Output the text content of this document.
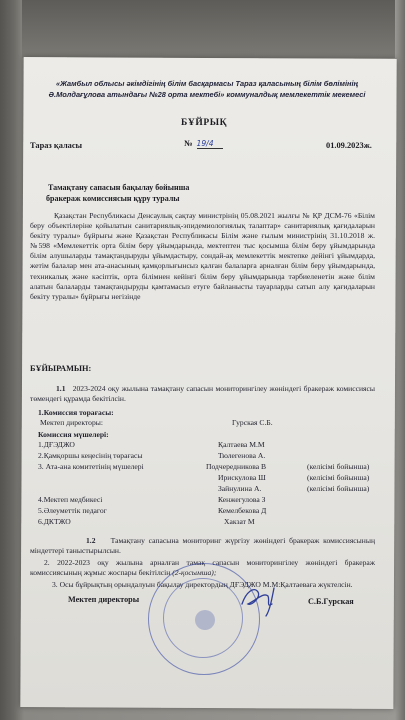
«Жамбыл облысы әкімдігінің білім басқармасы Тараз қаласының білім бөлімінің
Ә.Молдағұлова атындағы №28 орта мектебі» коммуналдық мемлекеттік мекемесі
БҰЙРЫҚ
Тараз қаласы	№ 19/4	01.09.2023ж.
Тамақтану сапасын бақылау бойынша
бракераж комиссиясын құру туралы
Қазақстан Республикасы Денсаулық сақтау министрінің 05.08.2021 жылғы № ҚР ДСМ-76 «Білім беру объектілеріне қойылатын санитариялық-эпидемиологиялық талаптар» санитариялық қағидаларын бекіту туралы» бұйрығы және Қазақстан Республикасы Білім және ғылым министрінің 31.10.2018 ж. №598 «Мемлекеттік орта білім беру ұйымдарында, мектептен тыс қосымша білім беру ұйымдарында білім алушыларды тамақтандыруды ұйымдастыру, сондай-ақ мемлекеттік мектепке дейінгі ұйымдарда, жетім балалар мен ата-анасының қамқорлығынсыз қалған балаларға арналған білім беру ұйымдарында, техникалық және кәсіптік, орта білімнен кейінгі білім беру ұйымдарында тәрбиеленетін және білім алатын балаларды тамақтандыруды қамтамасыз етуге байланысты тауарларды сатып алу қағидаларын бекіту туралы» бұйрығы негізінде
БҰЙЫРАМЫН:
1.1 2023-2024 оқу жылына тамақтану сапасын мониторингілеу жөніндегі бракераж комиссиясы төмендегі құрамда бекітілсін.
1.Комиссия торағасы:
Мектеп директоры:	Гурская С.Б.
Комиссия мүшелері:
1.ДҒЭДЖО	Қалтаева М.М
2.Қамқоршы кеңесінің төрағасы	Тюлегенова А.
3. Ата-ана комитетінің мүшелері	Подчередникова В	(келісімі бойынша)
Ирискулова Ш	(келісімі бойынша)
Зайнулина А.	(келісімі бойынша)
4.Мектеп медбикесі	Кенжегулова З
5.Әлеуметтік педагог	Кемелбекова Д
6.ДКТЖО	Хакзат М
1.2 Тамақтану сапасына мониторинг жүргізу жөніндегі бракераж комиссиясының міндеттері таныстырылсын.
2. 2022-2023 оқу жылына арналған тамақ сапасын мониторингілеу жөніндегі бракераж комиссиясының жұмыс жоспары бекітілсін (2-қосымша);
3. Осы бұйрықтың орындалуын бақылау директордың ДҒЭДЖО М.М:Қалтаеваға жүктелсін.
Мектеп директоры	С.Б.Гурская
